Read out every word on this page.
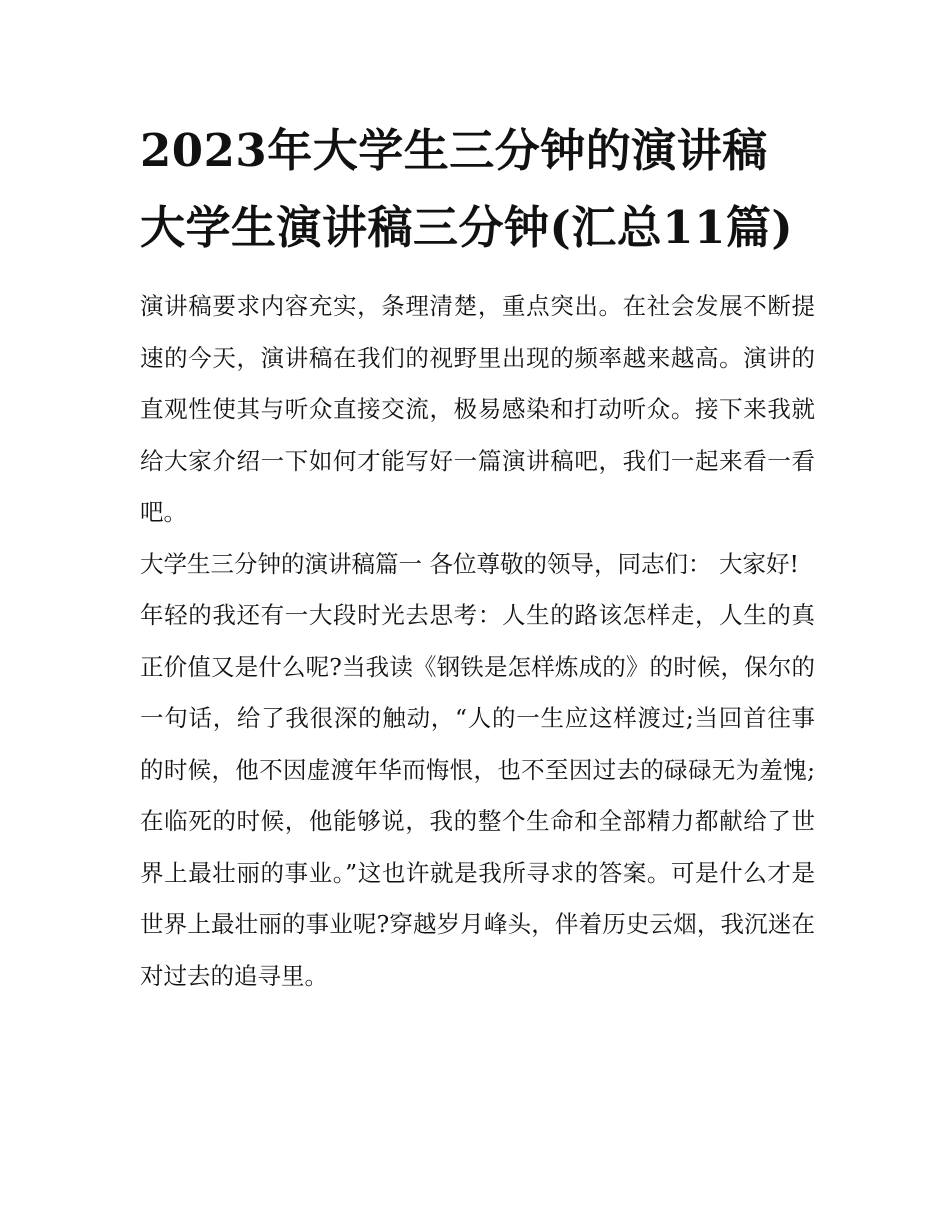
2023年大学生三分钟的演讲稿 大学生演讲稿三分钟(汇总11篇)

演讲稿要求内容充实，条理清楚，重点突出。在社会发展不断提速的今天，演讲稿在我们的视野里出现的频率越来越高。演讲的直观性使其与听众直接交流，极易感染和打动听众。接下来我就给大家介绍一下如何才能写好一篇演讲稿吧，我们一起来看一看吧。

大学生三分钟的演讲稿篇一 各位尊敬的领导，同志们： 大家好!

年轻的我还有一大段时光去思考：人生的路该怎样走，人生的真正价值又是什么呢?当我读《钢铁是怎样炼成的》的时候，保尔的一句话，给了我很深的触动，“人的一生应这样渡过;当回首往事的时候，他不因虚渡年华而悔恨，也不至因过去的碌碌无为羞愧;在临死的时候，他能够说，我的整个生命和全部精力都献给了世界上最壮丽的事业。”这也许就是我所寻求的答案。可是什么才是世界上最壮丽的事业呢?穿越岁月峰头，伴着历史云烟，我沉迷在对过去的追寻里。
